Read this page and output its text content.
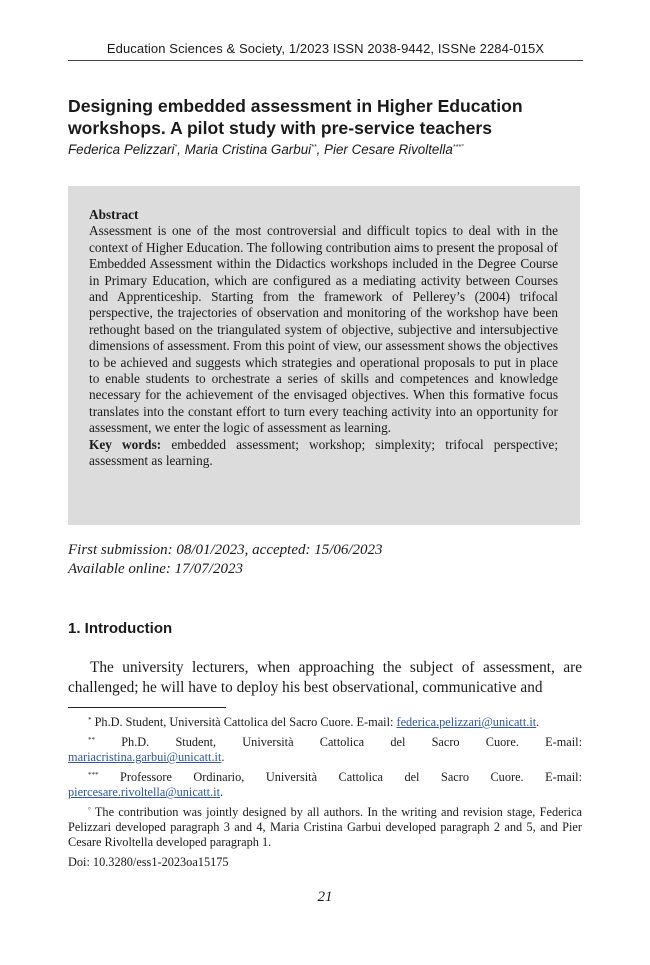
Education Sciences & Society, 1/2023 ISSN 2038-9442, ISSNe 2284-015X
Designing embedded assessment in Higher Education workshops. A pilot study with pre-service teachers
Federica Pelizzari*, Maria Cristina Garbui**, Pier Cesare Rivoltella***°

Abstract

Assessment is one of the most controversial and difficult topics to deal with in the context of Higher Education. The following contribution aims to present the proposal of Embedded Assessment within the Didactics workshops included in the Degree Course in Primary Education, which are configured as a mediating activity between Courses and Apprenticeship. Starting from the framework of Pellerey’s (2004) trifocal perspective, the trajectories of observation and monitoring of the workshop have been rethought based on the triangulated system of objective, subjective and intersubjective dimensions of assessment. From this point of view, our assessment shows the objectives to be achieved and suggests which strategies and operational proposals to put in place to enable students to orchestrate a series of skills and competences and knowledge necessary for the achievement of the envisaged objectives. When this formative focus translates into the constant effort to turn every teaching activity into an opportunity for assessment, we enter the logic of assessment as learning.

Key words: embedded assessment; workshop; simplexity; trifocal perspective; assessment as learning.

First submission: 08/01/2023, accepted: 15/06/2023
Available online: 17/07/2023
1. Introduction

The university lecturers, when approaching the subject of assessment, are challenged; he will have to deploy his best observational, communicative and

* Ph.D. Student, Università Cattolica del Sacro Cuore. E-mail: federica.pelizzari@unicatt.it.

** Ph.D. Student, Università Cattolica del Sacro Cuore. E-mail:

mariacristina.garbui@unicatt.it.

*** Professore Ordinario, Università Cattolica del Sacro Cuore. E-mail:

piercesare.rivoltella@unicatt.it.

° The contribution was jointly designed by all authors. In the writing and revision stage, Federica Pelizzari developed paragraph 3 and 4, Maria Cristina Garbui developed paragraph 2 and 5, and Pier Cesare Rivoltella developed paragraph 1.

Doi: 10.3280/ess1-2023oa15175
21
